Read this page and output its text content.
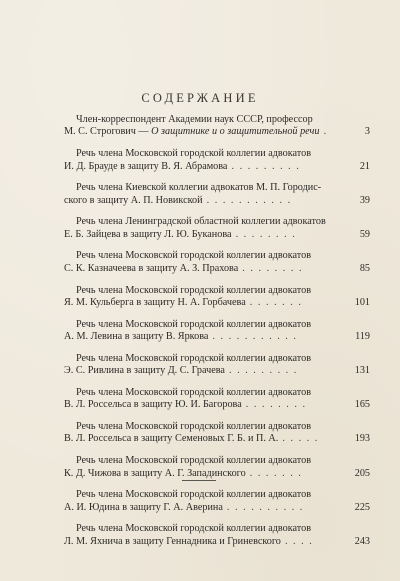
СОДЕРЖАНИЕ
Член-корреспондент Академии наук СССР, профессор
М. С. Строгович — О защитнике и о защитительной речи .	3
Речь члена Московской городской коллегии адвокатов
И. Д. Брауде в защиту В. Я. Абрамова . . . . . . . . .	21
Речь члена Киевской коллегии адвокатов М. П. Городис-
ского в защиту А. П. Новикской . . . . . . . . . . .	39
Речь члена Ленинградской областной коллегии адвокатов
Е. Б. Зайцева в защиту Л. Ю. Буканова . . . . . . . .	59
Речь члена Московской городской коллегии адвокатов
С. К. Казначеева в защиту А. З. Прахова . . . . . . . .	85
Речь члена Московской городской коллегии адвокатов
Я. М. Кульберга в защиту Н. А. Горбачева . . . . . . .	101
Речь члена Московской городской коллегии адвокатов
А. М. Левина в защиту В. Яркова . . . . . . . . . . .	119
Речь члена Московской городской коллегии адвокатов
Э. С. Ривлина в защиту Д. С. Грачева . . . . . . . . .	131
Речь члена Московской городской коллегии адвокатов
В. Л. Россельса в защиту Ю. И. Багорова . . . . . . . .	165
Речь члена Московской городской коллегии адвокатов
В. Л. Россельса в защиту Семеновых Г. Б. и П. А. . . . . .	193
Речь члена Московской городской коллегии адвокатов
К. Д. Чижова в защиту А. Г. Западинского . . . . . . .	205
Речь члена Московской городской коллегии адвокатов
А. И. Юдина в защиту Г. А. Аверина . . . . . . . . . .	225
Речь члена Московской городской коллегии адвокатов
Л. М. Яхнича в защиту Геннадника и Гриневского . . . .	243
